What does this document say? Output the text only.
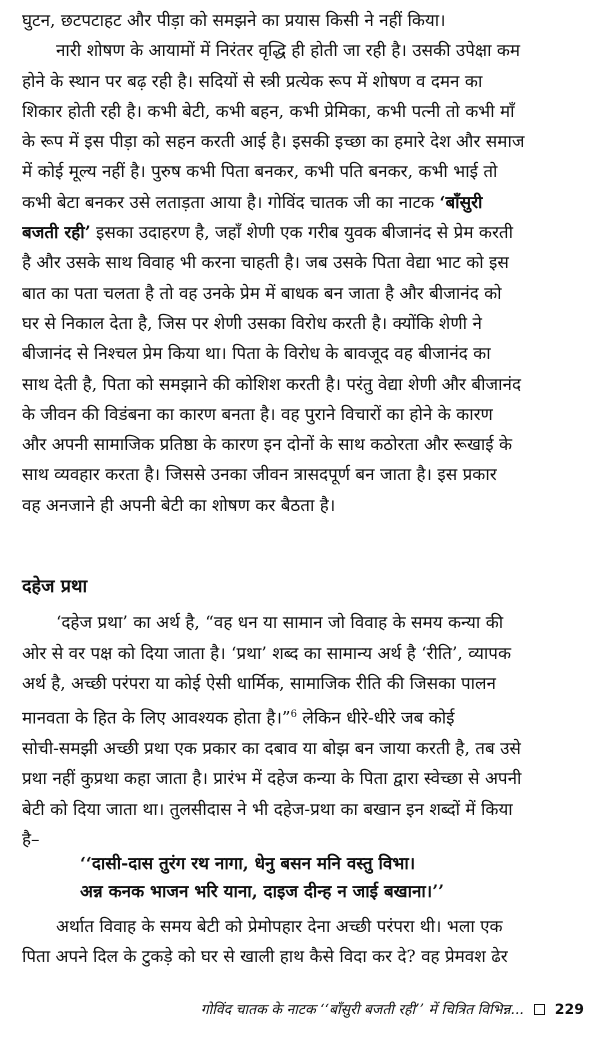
घुटन, छटपटाहट और पीड़ा को समझने का प्रयास किसी ने नहीं किया।
नारी शोषण के आयामों में निरंतर वृद्धि ही होती जा रही है। उसकी उपेक्षा कम
होने के स्थान पर बढ़ रही है। सदियों से स्त्री प्रत्येक रूप में शोषण व दमन का
शिकार होती रही है। कभी बेटी, कभी बहन, कभी प्रेमिका, कभी पत्नी तो कभी माँ
के रूप में इस पीड़ा को सहन करती आई है। इसकी इच्छा का हमारे देश और समाज
में कोई मूल्य नहीं है। पुरुष कभी पिता बनकर, कभी पति बनकर, कभी भाई तो
कभी बेटा बनकर उसे लताड़ता आया है। गोविंद चातक जी का नाटक ‘बाँसुरी
बजती रही’ इसका उदाहरण है, जहाँ शेणी एक गरीब युवक बीजानंद से प्रेम करती
है और उसके साथ विवाह भी करना चाहती है। जब उसके पिता वेद्या भाट को इस
बात का पता चलता है तो वह उनके प्रेम में बाधक बन जाता है और बीजानंद को
घर से निकाल देता है, जिस पर शेणी उसका विरोध करती है। क्योंकि शेणी ने
बीजानंद से निश्चल प्रेम किया था। पिता के विरोध के बावजूद वह बीजानंद का
साथ देती है, पिता को समझाने की कोशिश करती है। परंतु वेद्या शेणी और बीजानंद
के जीवन की विडंबना का कारण बनता है। वह पुराने विचारों का होने के कारण
और अपनी सामाजिक प्रतिष्ठा के कारण इन दोनों के साथ कठोरता और रूखाई के
साथ व्यवहार करता है। जिससे उनका जीवन त्रासदपूर्ण बन जाता है। इस प्रकार
वह अनजाने ही अपनी बेटी का शोषण कर बैठता है।
दहेज प्रथा
‘दहेज प्रथा’ का अर्थ है, “वह धन या सामान जो विवाह के समय कन्या की
ओर से वर पक्ष को दिया जाता है। ‘प्रथा’ शब्द का सामान्य अर्थ है ‘रीति’, व्यापक
अर्थ है, अच्छी परंपरा या कोई ऐसी धार्मिक, सामाजिक रीति की जिसका पालन
मानवता के हित के लिए आवश्यक होता है।”$^6$ लेकिन धीरे-धीरे जब कोई
सोची-समझी अच्छी प्रथा एक प्रकार का दबाव या बोझ बन जाया करती है, तब उसे
प्रथा नहीं कुप्रथा कहा जाता है। प्रारंभ में दहेज कन्या के पिता द्वारा स्वेच्छा से अपनी
बेटी को दिया जाता था। तुलसीदास ने भी दहेज-प्रथा का बखान इन शब्दों में किया
है–
‘‘दासी-दास तुरंग रथ नागा, धेनु बसन मनि वस्तु विभा।
अन्न कनक भाजन भरि याना, दाइज दीन्ह न जाई बखाना।’’
अर्थात विवाह के समय बेटी को प्रेमोपहार देना अच्छी परंपरा थी। भला एक
पिता अपने दिल के टुकड़े को घर से खाली हाथ कैसे विदा कर दे? वह प्रेमवश ढेर
गोविंद चातक के नाटक ‘‘बाँसुरी बजती रही’’ में चित्रित विभिन्न... 229
